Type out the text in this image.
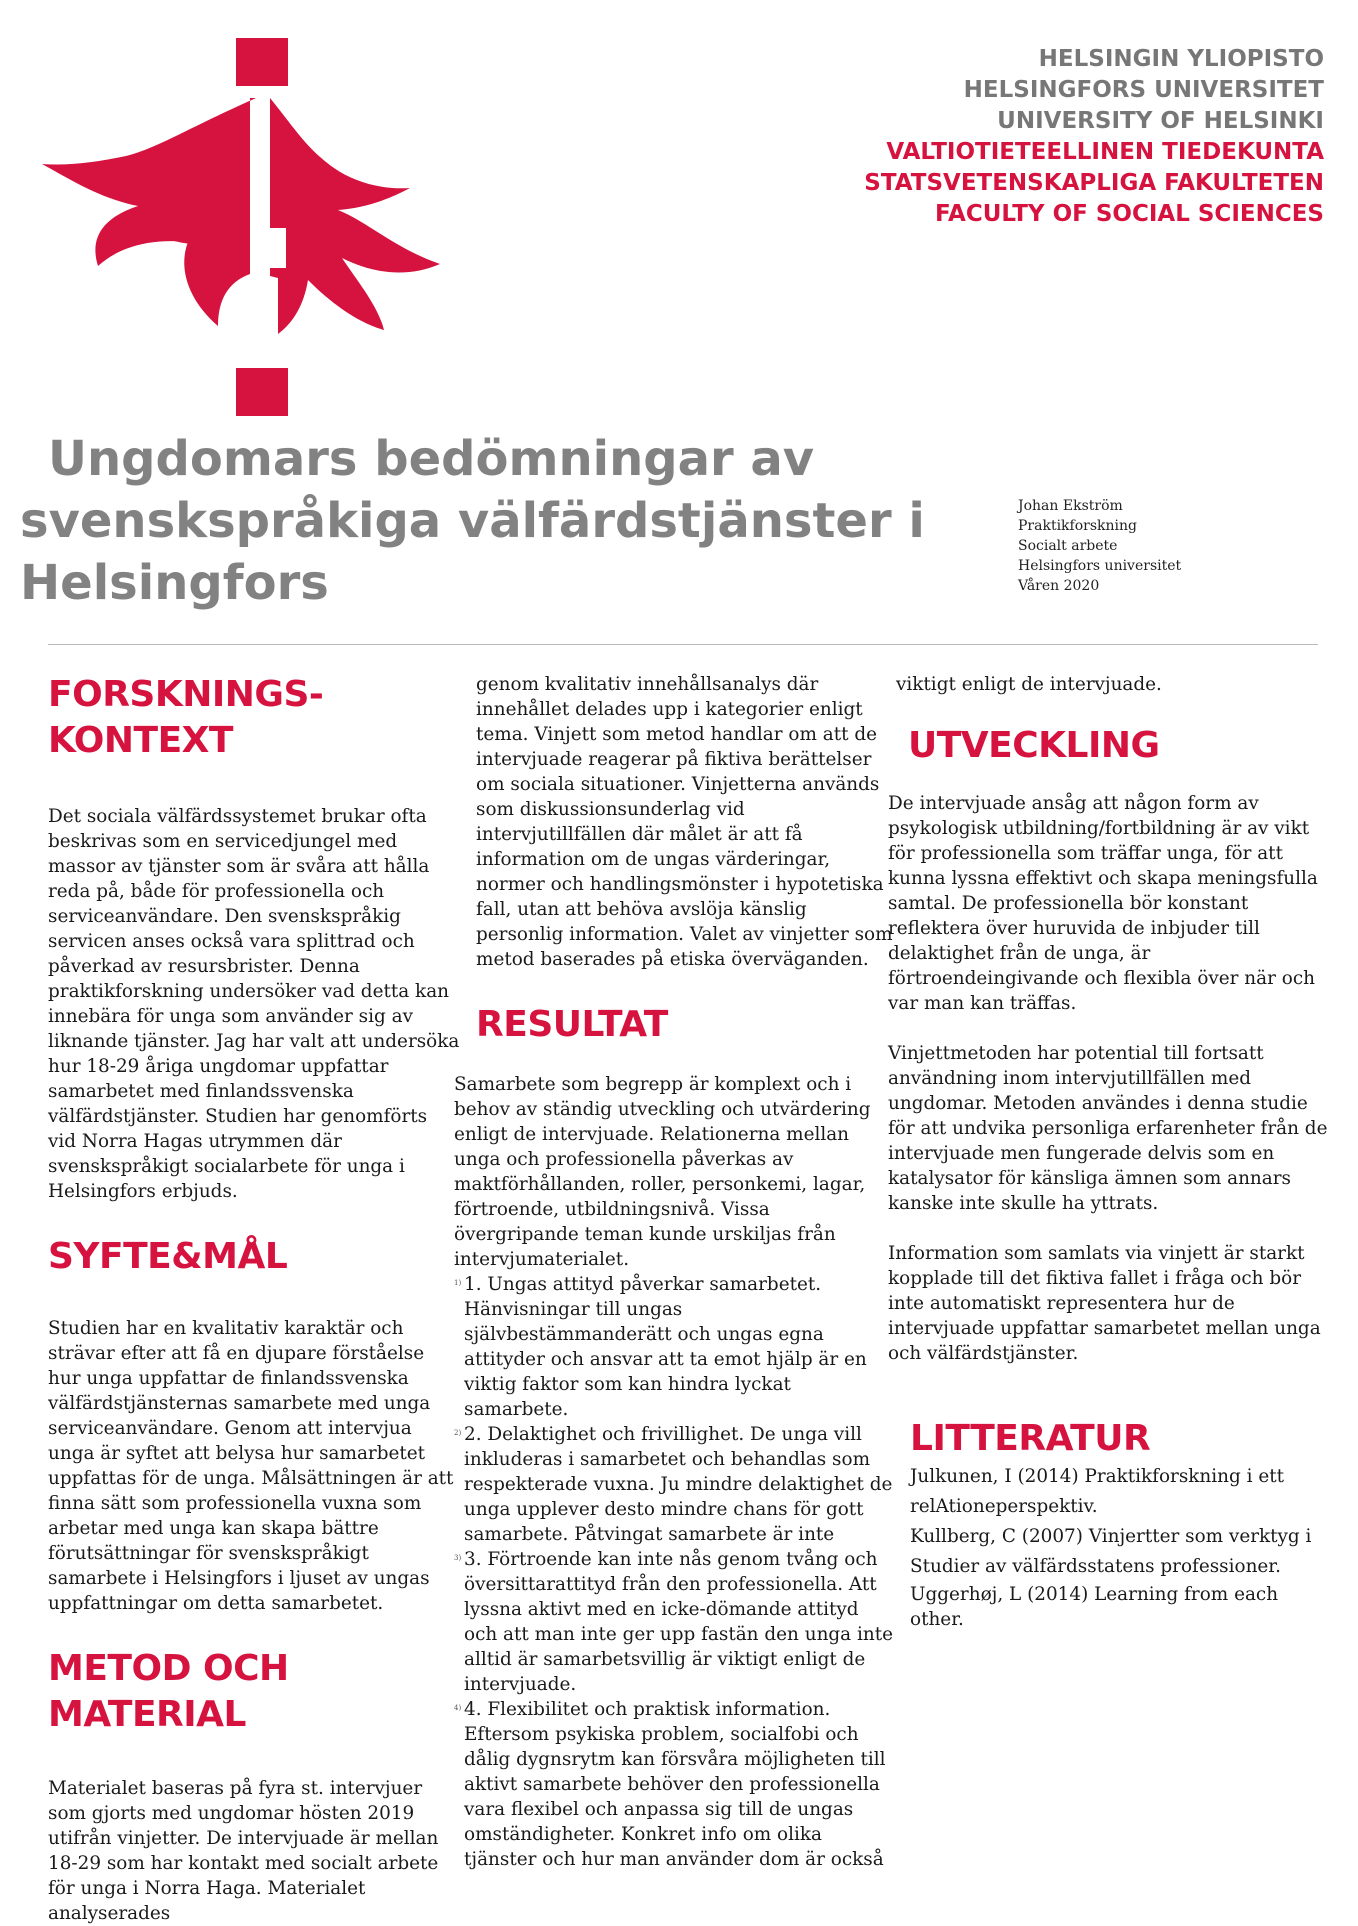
HELSINGIN YLIOPISTO
HELSINGFORS UNIVERSITET
UNIVERSITY OF HELSINKI
VALTIOTIETEELLINEN TIEDEKUNTA
STATSVETENSKAPLIGA FAKULTETEN
FACULTY OF SOCIAL SCIENCES
Ungdomars bedömningar av
svenskspråkiga välfärdstjänster i
Helsingfors
Johan Ekström
Praktikforskning
Socialt arbete
Helsingfors universitet
Våren 2020
FORSKNINGS-
KONTEXT

Det sociala välfärdssystemet brukar ofta beskrivas som en servicedjungel med massor av tjänster som är svåra att hålla reda på, både för professionella och serviceanvändare. Den svenskspråkig servicen anses också vara splittrad och påverkad av resursbrister. Denna praktikforskning undersöker vad detta kan innebära för unga som använder sig av liknande tjänster. Jag har valt att undersöka hur 18-29 åriga ungdomar uppfattar samarbetet med finlandssvenska välfärdstjänster. Studien har genomförts vid Norra Hagas utrymmen där svenskspråkigt socialarbete för unga i Helsingfors erbjuds.

SYFTE&MÅL

Studien har en kvalitativ karaktär och strävar efter att få en djupare förståelse hur unga uppfattar de finlandssvenska välfärdstjänsternas samarbete med unga serviceanvändare. Genom att intervjua unga är syftet att belysa hur samarbetet uppfattas för de unga. Målsättningen är att finna sätt som professionella vuxna som arbetar med unga kan skapa bättre förutsättningar för svenskspråkigt samarbete i Helsingfors i ljuset av ungas uppfattningar om detta samarbetet.

METOD OCH
MATERIAL

Materialet baseras på fyra st. intervjuer som gjorts med ungdomar hösten 2019 utifrån vinjetter. De intervjuade är mellan 18-29 som har kontakt med socialt arbete för unga i Norra Haga. Materialet analyserades

genom kvalitativ innehållsanalys där innehållet delades upp i kategorier enligt tema. Vinjett som metod handlar om att de intervjuade reagerar på fiktiva berättelser om sociala situationer. Vinjetterna används som diskussionsunderlag vid intervjutillfällen där målet är att få information om de ungas värderingar, normer och handlingsmönster i hypotetiska fall, utan att behöva avslöja känslig personlig information. Valet av vinjetter som metod baserades på etiska överväganden.

RESULTAT

Samarbete som begrepp är komplext och i behov av ständig utveckling och utvärdering enligt de intervjuade. Relationerna mellan unga och professionella påverkas av maktförhållanden, roller, personkemi, lagar, förtroende, utbildningsnivå. Vissa övergripande teman kunde urskiljas från intervjumaterialet.

1) 1. Ungas attityd påverkar samarbetet. Hänvisningar till ungas självbestämmanderätt och ungas egna attityder och ansvar att ta emot hjälp är en viktig faktor som kan hindra lyckat samarbete.

2) 2. Delaktighet och frivillighet. De unga vill inkluderas i samarbetet och behandlas som respekterade vuxna. Ju mindre delaktighet de unga upplever desto mindre chans för gott samarbete. Påtvingat samarbete är inte

3) 3. Förtroende kan inte nås genom tvång och översittarattityd från den professionella. Att lyssna aktivt med en icke-dömande attityd och att man inte ger upp fastän den unga inte alltid är samarbetsvillig är viktigt enligt de intervjuade.

4) 4. Flexibilitet och praktisk information. Eftersom psykiska problem, socialfobi och dålig dygnsrytm kan försvåra möjligheten till aktivt samarbete behöver den professionella vara flexibel och anpassa sig till de ungas omständigheter. Konkret info om olika tjänster och hur man använder dom är också

viktigt enligt de intervjuade.

UTVECKLING

De intervjuade ansåg att någon form av psykologisk utbildning/fortbildning är av vikt för professionella som träffar unga, för att kunna lyssna effektivt och skapa meningsfulla samtal. De professionella bör konstant reflektera över huruvida de inbjuder till delaktighet från de unga, är förtroendeingivande och flexibla över när och var man kan träffas.

Vinjettmetoden har potential till fortsatt användning inom intervjutillfällen med ungdomar. Metoden användes i denna studie för att undvika personliga erfarenheter från de intervjuade men fungerade delvis som en katalysator för känsliga ämnen som annars kanske inte skulle ha yttrats.

Information som samlats via vinjett är starkt kopplade till det fiktiva fallet i fråga och bör inte automatiskt representera hur de intervjuade uppfattar samarbetet mellan unga och välfärdstjänster.

LITTERATUR

Julkunen, I (2014) Praktikforskning i ett relAtioneperspektiv.

Kullberg, C (2007) Vinjertter som verktyg i Studier av välfärdsstatens professioner.

Uggerhøj, L (2014) Learning from each other.
